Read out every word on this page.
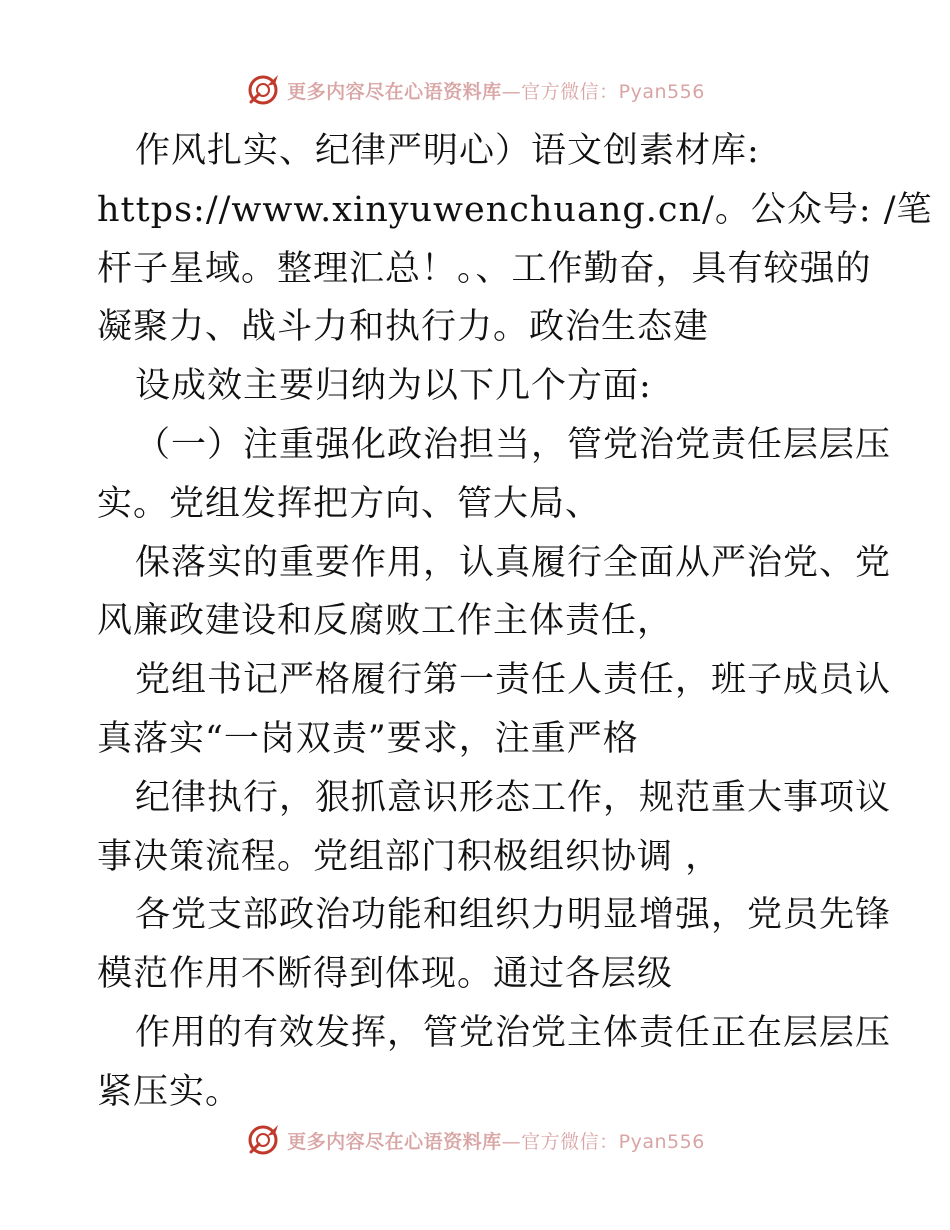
更多内容尽在心语资料库—官方微信：Pyan556
作风扎实、纪律严明心）语文创素材库:
https://www.xinyuwenchuang.cn/。公众号: /笔
杆子星域。整理汇总！。、工作勤奋，具有较强的
凝聚力、战斗力和执行力。政治生态建
设成效主要归纳为以下几个方面:
（一）注重强化政治担当，管党治党责任层层压
实。党组发挥把方向、管大局、
保落实的重要作用，认真履行全面从严治党、党
风廉政建设和反腐败工作主体责任，
党组书记严格履行第一责任人责任，班子成员认
真落实“一岗双责”要求，注重严格
纪律执行，狠抓意识形态工作，规范重大事项议
事决策流程。党组部门积极组织协调 ，
各党支部政治功能和组织力明显增强，党员先锋
模范作用不断得到体现。通过各层级
作用的有效发挥，管党治党主体责任正在层层压
紧压实。
更多内容尽在心语资料库—官方微信：Pyan556
